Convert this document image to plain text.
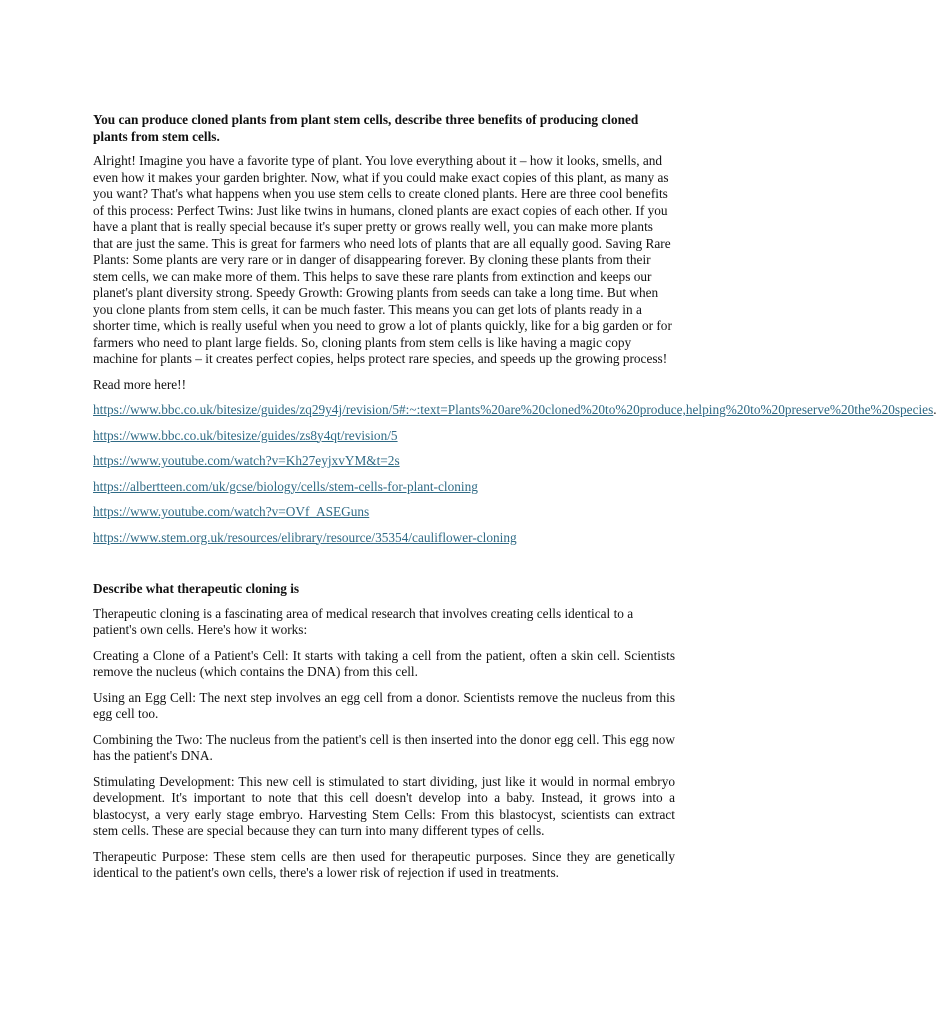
You can produce cloned plants from plant stem cells, describe three benefits of producing cloned plants from stem cells.

Alright! Imagine you have a favorite type of plant. You love everything about it – how it looks, smells, and even how it makes your garden brighter. Now, what if you could make exact copies of this plant, as many as you want? That's what happens when you use stem cells to create cloned plants. Here are three cool benefits of this process: Perfect Twins: Just like twins in humans, cloned plants are exact copies of each other. If you have a plant that is really special because it's super pretty or grows really well, you can make more plants that are just the same. This is great for farmers who need lots of plants that are all equally good. Saving Rare Plants: Some plants are very rare or in danger of disappearing forever. By cloning these plants from their stem cells, we can make more of them. This helps to save these rare plants from extinction and keeps our planet's plant diversity strong. Speedy Growth: Growing plants from seeds can take a long time. But when you clone plants from stem cells, it can be much faster. This means you can get lots of plants ready in a shorter time, which is really useful when you need to grow a lot of plants quickly, like for a big garden or for farmers who need to plant large fields. So, cloning plants from stem cells is like having a magic copy machine for plants – it creates perfect copies, helps protect rare species, and speeds up the growing process!

Read more here!!

https://www.bbc.co.uk/bitesize/guides/zq29y4j/revision/5#:~:text=Plants%20are%20cloned%20to%20produce,helping%20to%20preserve%20the%20species.

https://www.bbc.co.uk/bitesize/guides/zs8y4qt/revision/5

https://www.youtube.com/watch?v=Kh27eyjxvYM&t=2s

https://albertteen.com/uk/gcse/biology/cells/stem-cells-for-plant-cloning

https://www.youtube.com/watch?v=OVf_ASEGuns

https://www.stem.org.uk/resources/elibrary/resource/35354/cauliflower-cloning

Describe what therapeutic cloning is

Therapeutic cloning is a fascinating area of medical research that involves creating cells identical to a patient's own cells. Here's how it works:

Creating a Clone of a Patient's Cell: It starts with taking a cell from the patient, often a skin cell. Scientists remove the nucleus (which contains the DNA) from this cell.

Using an Egg Cell: The next step involves an egg cell from a donor. Scientists remove the nucleus from this egg cell too.

Combining the Two: The nucleus from the patient's cell is then inserted into the donor egg cell. This egg now has the patient's DNA.

Stimulating Development: This new cell is stimulated to start dividing, just like it would in normal embryo development. It's important to note that this cell doesn't develop into a baby. Instead, it grows into a blastocyst, a very early stage embryo. Harvesting Stem Cells: From this blastocyst, scientists can extract stem cells. These are special because they can turn into many different types of cells.

Therapeutic Purpose: These stem cells are then used for therapeutic purposes. Since they are genetically identical to the patient's own cells, there's a lower risk of rejection if used in treatments.
